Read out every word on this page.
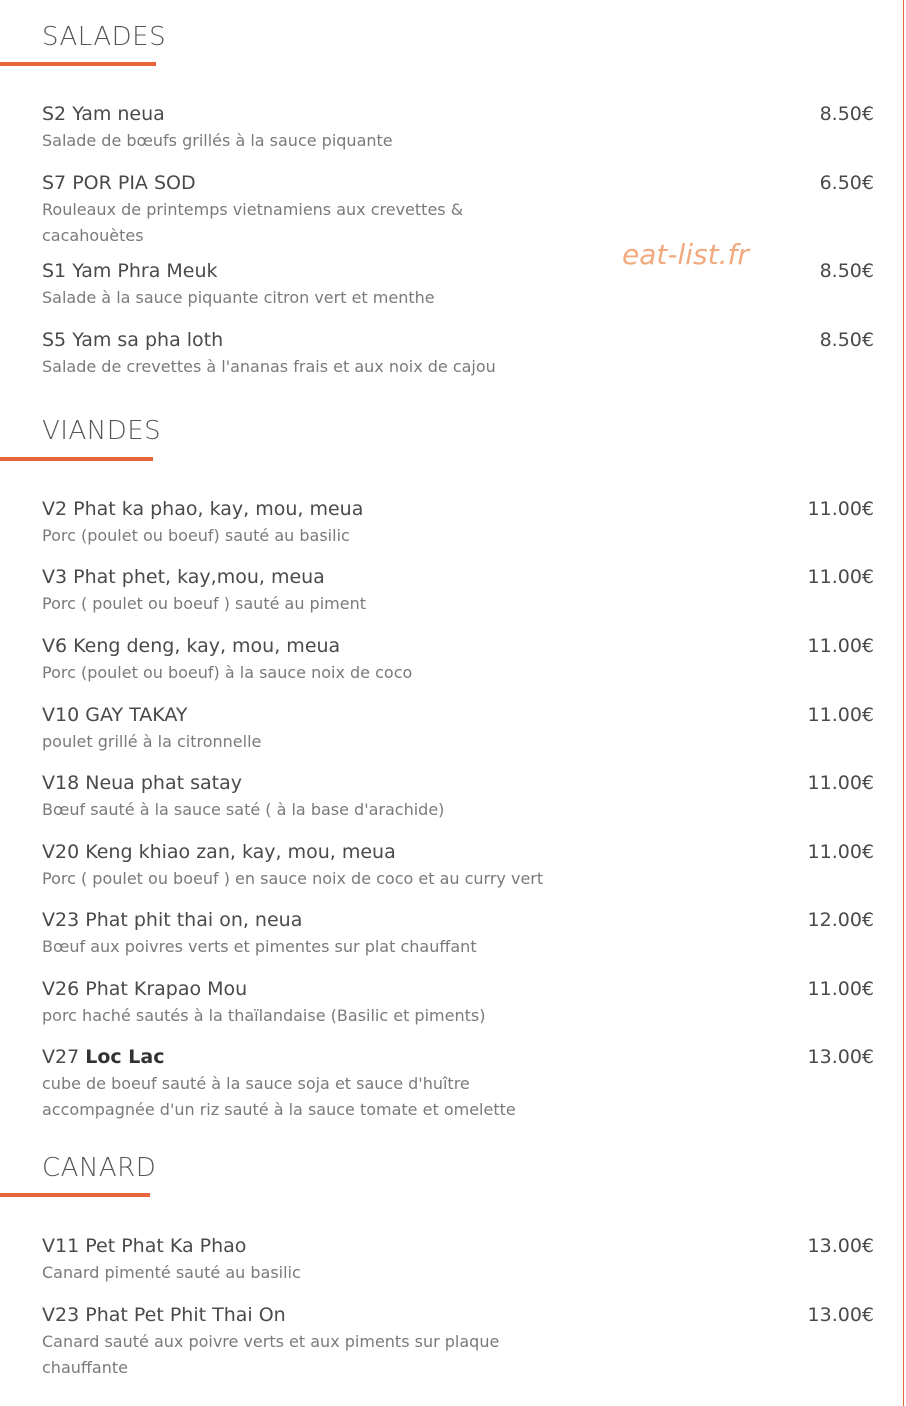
SALADES
S2 Yam neua
Salade de bœufs grillés à la sauce piquante
8.50€
S7 POR PIA SOD
Rouleaux de printemps vietnamiens aux crevettes & cacahouètes
6.50€
S1 Yam Phra Meuk
Salade à la sauce piquante citron vert et menthe
8.50€
S5 Yam sa pha loth
Salade de crevettes à l'ananas frais et aux noix de cajou
8.50€
eat-list.fr
VIANDES
V2 Phat ka phao, kay, mou, meua
Porc (poulet ou boeuf) sauté au basilic
11.00€
V3 Phat phet, kay,mou, meua
Porc ( poulet ou boeuf ) sauté au piment
11.00€
V6 Keng deng, kay, mou, meua
Porc (poulet ou boeuf) à la sauce noix de coco
11.00€
V10 GAY TAKAY
poulet grillé à la citronnelle
11.00€
V18 Neua phat satay
Bœuf sauté à la sauce saté ( à la base d'arachide)
11.00€
V20 Keng khiao zan, kay, mou, meua
Porc ( poulet ou boeuf ) en sauce noix de coco et au curry vert
11.00€
V23 Phat phit thai on, neua
Bœuf aux poivres verts et pimentes sur plat chauffant
12.00€
V26 Phat Krapao Mou
porc haché sautés à la thaïlandaise (Basilic et piments)
11.00€
V27 Loc Lac
cube de boeuf sauté à la sauce soja et sauce d'huître accompagnée d'un riz sauté à la sauce tomate et omelette
13.00€
CANARD
V11 Pet Phat Ka Phao
Canard pimenté sauté au basilic
13.00€
V23 Phat Pet Phit Thai On
Canard sauté aux poivre verts et aux piments sur plaque chauffante
13.00€
